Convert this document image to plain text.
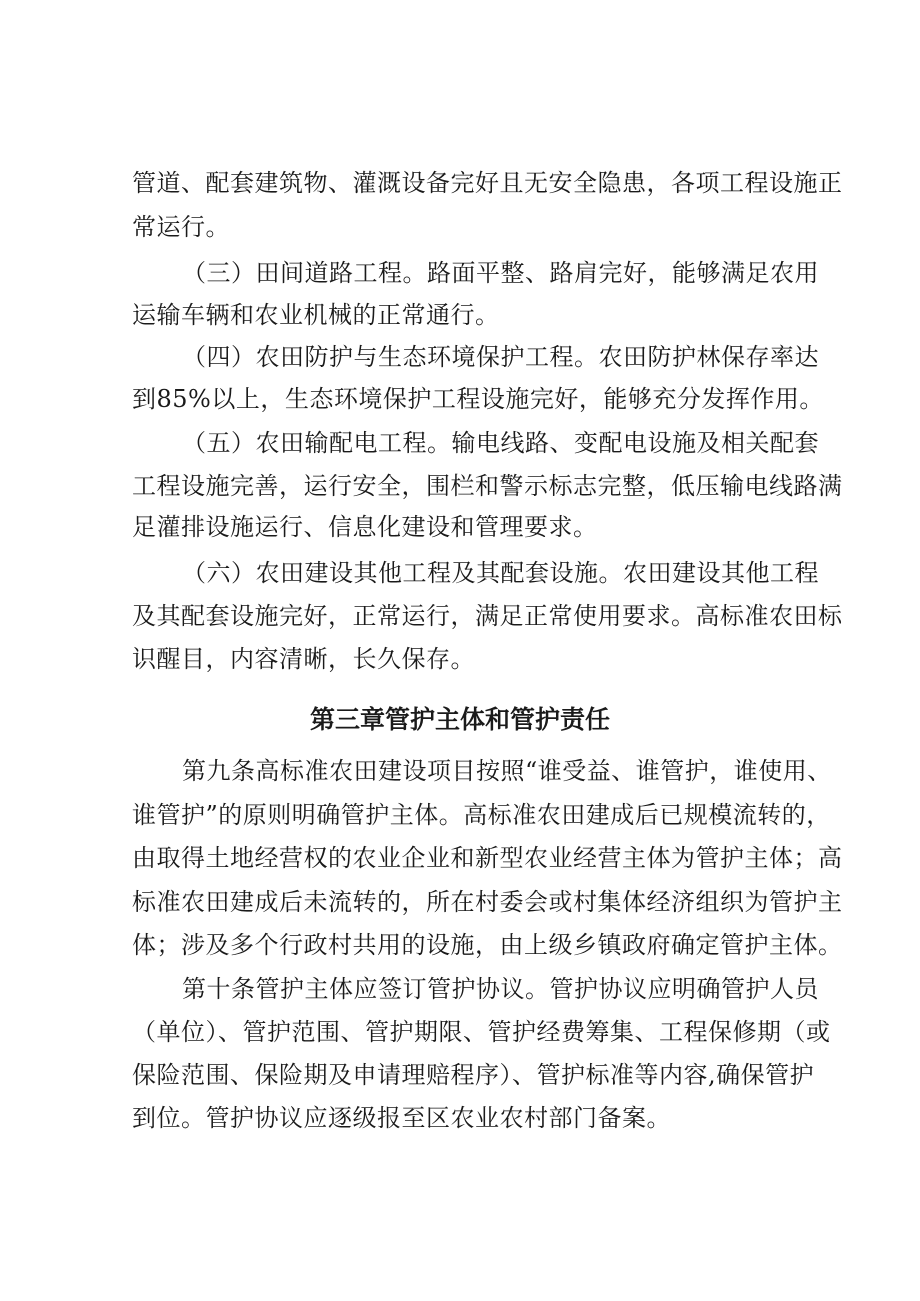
管道、配套建筑物、灌溉设备完好且无安全隐患，各项工程设施正
常运行。
（三）田间道路工程。路面平整、路肩完好，能够满足农用
运输车辆和农业机械的正常通行。
（四）农田防护与生态环境保护工程。农田防护林保存率达
到85%以上，生态环境保护工程设施完好，能够充分发挥作用。
（五）农田输配电工程。输电线路、变配电设施及相关配套
工程设施完善，运行安全，围栏和警示标志完整，低压输电线路满
足灌排设施运行、信息化建设和管理要求。
（六）农田建设其他工程及其配套设施。农田建设其他工程
及其配套设施完好，正常运行，满足正常使用要求。高标准农田标
识醒目，内容清晰，长久保存。
第三章管护主体和管护责任
第九条高标准农田建设项目按照“谁受益、谁管护，谁使用、
谁管护”的原则明确管护主体。高标准农田建成后已规模流转的，
由取得土地经营权的农业企业和新型农业经营主体为管护主体；高
标准农田建成后未流转的，所在村委会或村集体经济组织为管护主
体；涉及多个行政村共用的设施，由上级乡镇政府确定管护主体。
第十条管护主体应签订管护协议。管护协议应明确管护人员
（单位）、管护范围、管护期限、管护经费筹集、工程保修期（或
保险范围、保险期及申请理赔程序）、管护标准等内容,确保管护
到位。管护协议应逐级报至区农业农村部门备案。
